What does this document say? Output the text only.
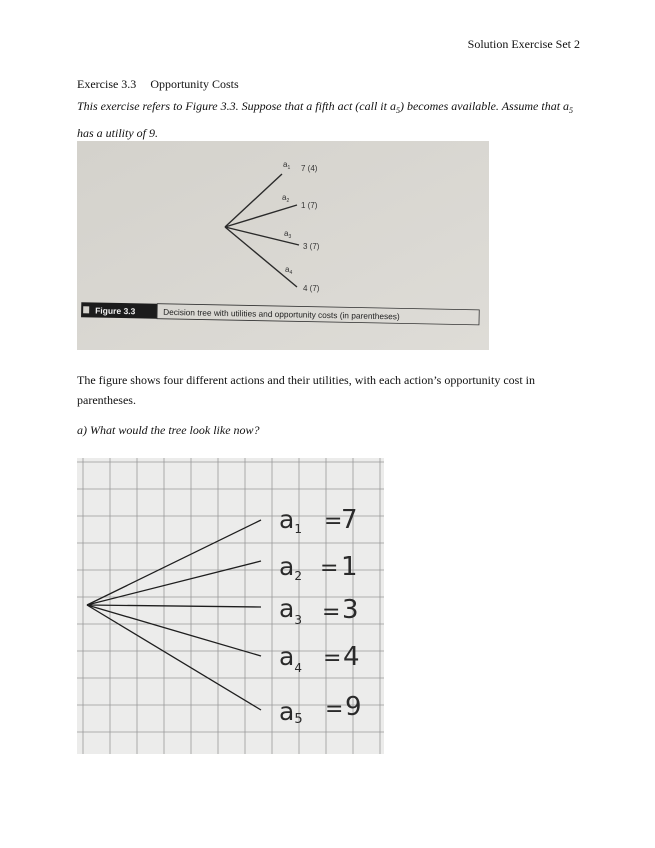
Solution Exercise Set 2
Exercise 3.3 Opportunity Costs
This exercise refers to Figure 3.3. Suppose that a fifth act (call it $a_5$) becomes available. Assume that $a_5$ has a utility of 9.
$a_1$ 7 (4)
$a_2$ 1 (7)
$a_3$
3 (7)
$a_4$
4 (7)
Figure 3.3	Decision tree with utilities and opportunity costs (in parentheses)
The figure shows four different actions and their utilities, with each action’s opportunity cost in parentheses.
a) What would the tree look like now?
$a_1$ =
7
$a_2 = 1$
$a_3 = 3$
$a_4 = 4$
a5 = 9
